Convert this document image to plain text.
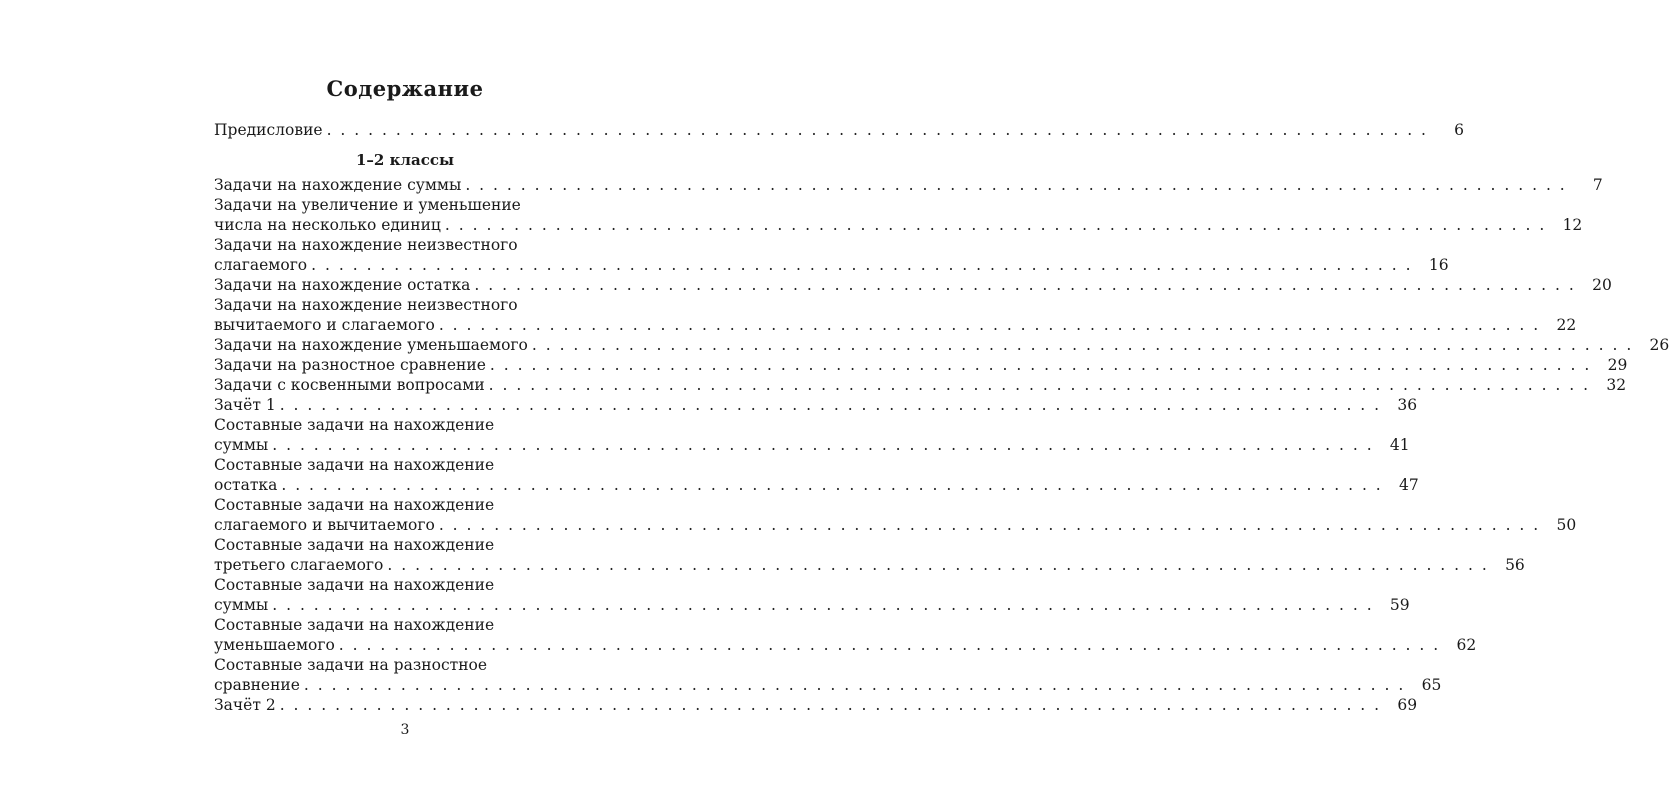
Содержание
Предисловие . . . . . . . . . . . . . . . . . . . . . . . . . . . . . . . . . . . . . . . . . . . . . . . . . . . . . . . . . . . . . . . . . . . . . . . . . . . . . . . .	6
1–2 классы
Задачи на нахождение суммы . . . . . . . . . . . . . . . . . . . . . . . . . . . . . . . . . . . . . . . . . . . . . . . . . . . . . . . . . . . . . . . . . . . . . . . . . . . . . . . .	7
Задачи на увеличение и уменьшение
числа на несколько единиц . . . . . . . . . . . . . . . . . . . . . . . . . . . . . . . . . . . . . . . . . . . . . . . . . . . . . . . . . . . . . . . . . . . . . . . . . . . . . . . .	12
Задачи на нахождение неизвестного
слагаемого . . . . . . . . . . . . . . . . . . . . . . . . . . . . . . . . . . . . . . . . . . . . . . . . . . . . . . . . . . . . . . . . . . . . . . . . . . . . . . . .	16
Задачи на нахождение остатка . . . . . . . . . . . . . . . . . . . . . . . . . . . . . . . . . . . . . . . . . . . . . . . . . . . . . . . . . . . . . . . . . . . . . . . . . . . . . . . .	20
Задачи на нахождение неизвестного
вычитаемого и слагаемого . . . . . . . . . . . . . . . . . . . . . . . . . . . . . . . . . . . . . . . . . . . . . . . . . . . . . . . . . . . . . . . . . . . . . . . . . . . . . . . .	22
Задачи на нахождение уменьшаемого . . . . . . . . . . . . . . . . . . . . . . . . . . . . . . . . . . . . . . . . . . . . . . . . . . . . . . . . . . . . . . . . . . . . . . . . . . . . . . . .	26
Задачи на разностное сравнение . . . . . . . . . . . . . . . . . . . . . . . . . . . . . . . . . . . . . . . . . . . . . . . . . . . . . . . . . . . . . . . . . . . . . . . . . . . . . . . .	29
Задачи с косвенными вопросами . . . . . . . . . . . . . . . . . . . . . . . . . . . . . . . . . . . . . . . . . . . . . . . . . . . . . . . . . . . . . . . . . . . . . . . . . . . . . . . .	32
Зачёт 1 . . . . . . . . . . . . . . . . . . . . . . . . . . . . . . . . . . . . . . . . . . . . . . . . . . . . . . . . . . . . . . . . . . . . . . . . . . . . . . . .	36
Составные задачи на нахождение
суммы . . . . . . . . . . . . . . . . . . . . . . . . . . . . . . . . . . . . . . . . . . . . . . . . . . . . . . . . . . . . . . . . . . . . . . . . . . . . . . . .	41
Составные задачи на нахождение
остатка . . . . . . . . . . . . . . . . . . . . . . . . . . . . . . . . . . . . . . . . . . . . . . . . . . . . . . . . . . . . . . . . . . . . . . . . . . . . . . . .	47
Составные задачи на нахождение
слагаемого и вычитаемого . . . . . . . . . . . . . . . . . . . . . . . . . . . . . . . . . . . . . . . . . . . . . . . . . . . . . . . . . . . . . . . . . . . . . . . . . . . . . . . .	50
Составные задачи на нахождение
третьего слагаемого . . . . . . . . . . . . . . . . . . . . . . . . . . . . . . . . . . . . . . . . . . . . . . . . . . . . . . . . . . . . . . . . . . . . . . . . . . . . . . . .	56
Составные задачи на нахождение
суммы . . . . . . . . . . . . . . . . . . . . . . . . . . . . . . . . . . . . . . . . . . . . . . . . . . . . . . . . . . . . . . . . . . . . . . . . . . . . . . . .	59
Составные задачи на нахождение
уменьшаемого . . . . . . . . . . . . . . . . . . . . . . . . . . . . . . . . . . . . . . . . . . . . . . . . . . . . . . . . . . . . . . . . . . . . . . . . . . . . . . . .	62
Составные задачи на разностное
сравнение . . . . . . . . . . . . . . . . . . . . . . . . . . . . . . . . . . . . . . . . . . . . . . . . . . . . . . . . . . . . . . . . . . . . . . . . . . . . . . . .	65
Зачёт 2 . . . . . . . . . . . . . . . . . . . . . . . . . . . . . . . . . . . . . . . . . . . . . . . . . . . . . . . . . . . . . . . . . . . . . . . . . . . . . . . .	69
3
